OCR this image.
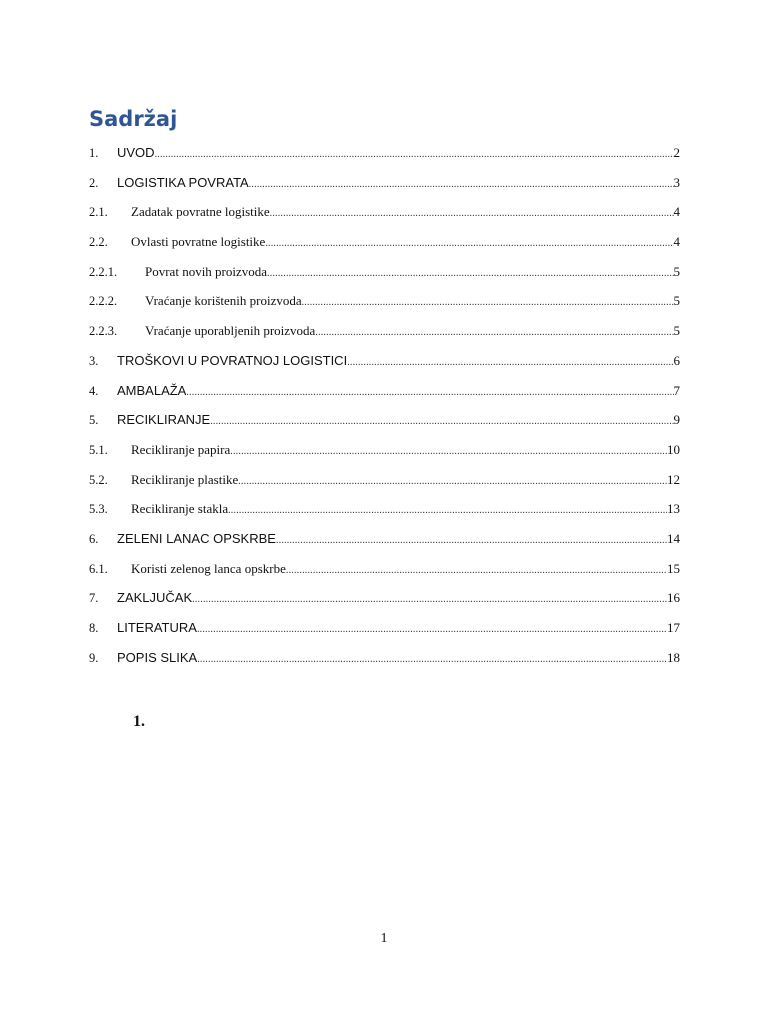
Sadržaj
1.	UVOD .....	2
2.	LOGISTIKA POVRATA .....	3
2.1.	Zadatak povratne logistike .....	4
2.2.	Ovlasti povratne logistike .....	4
2.2.1.	Povrat novih proizvoda .....	5
2.2.2.	Vraćanje korištenih proizvoda .....	5
2.2.3.	Vraćanje uporabljenih proizvoda .....	5
3.	TROŠKOVI U POVRATNOJ LOGISTICI .....	6
4.	AMBALAŽA .....	7
5.	RECIKLIRANJE .....	9
5.1.	Recikliranje papira .....	10
5.2.	Recikliranje plastike .....	12
5.3.	Recikliranje stakla .....	13
6.	ZELENI LANAC OPSKRBE .....	14
6.1.	Koristi zelenog lanca opskrbe .....	15
7.	ZAKLJUČAK .....	16
8.	LITERATURA .....	17
9.	POPIS SLIKA .....	18
1.
1
